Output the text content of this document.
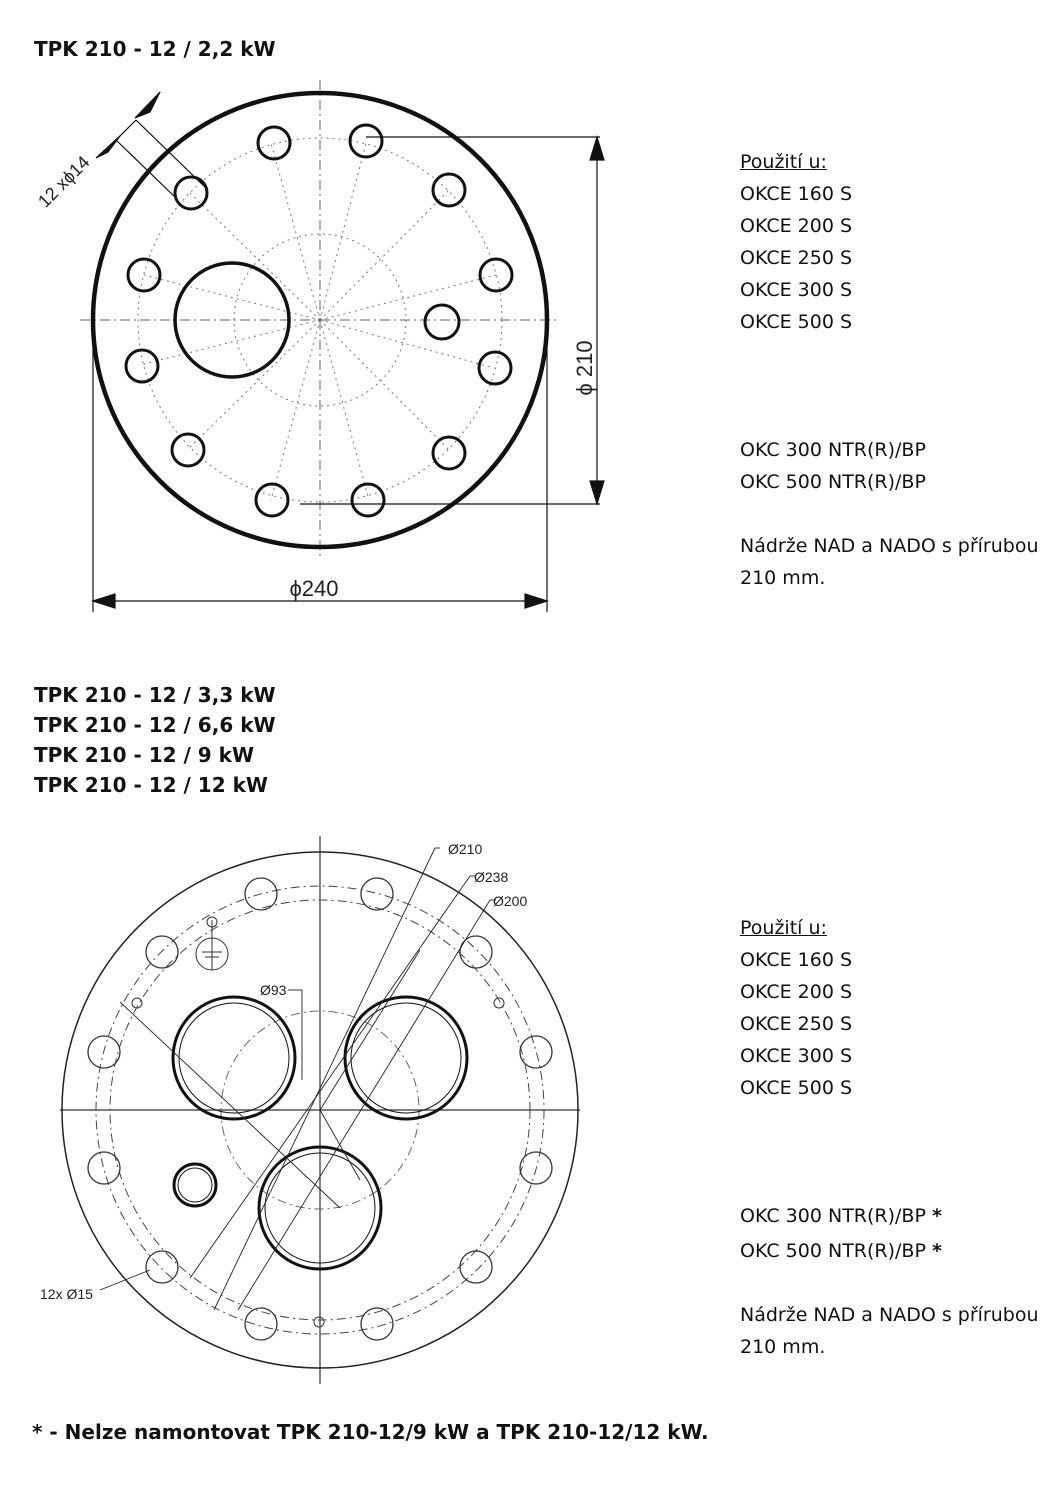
TPK 210 - 12 / 2,2 kW
ϕ 210
ϕ240
12 xϕ14	Použití u:
OKCE 160 S
OKCE 200 S
OKCE 250 S
OKCE 300 S
OKCE 500 S
OKC 300 NTR(R)/BP
OKC 500 NTR(R)/BP
Nádrže NAD a NADO s přírubou
210 mm.
TPK 210 - 12 / 3,3 kW
TPK 210 - 12 / 6,6 kW
TPK 210 - 12 / 9 kW
TPK 210 - 12 / 12 kW
Ø210
Ø238
Ø200
Ø93
12x Ø15
Použití u:
OKCE 160 S
OKCE 200 S
OKCE 250 S
OKCE 300 S
OKCE 500 S
OKC 300 NTR(R)/BP *
OKC 500 NTR(R)/BP *
Nádrže NAD a NADO s přírubou
210 mm.
* - Nelze namontovat TPK 210-12/9 kW a TPK 210-12/12 kW.
